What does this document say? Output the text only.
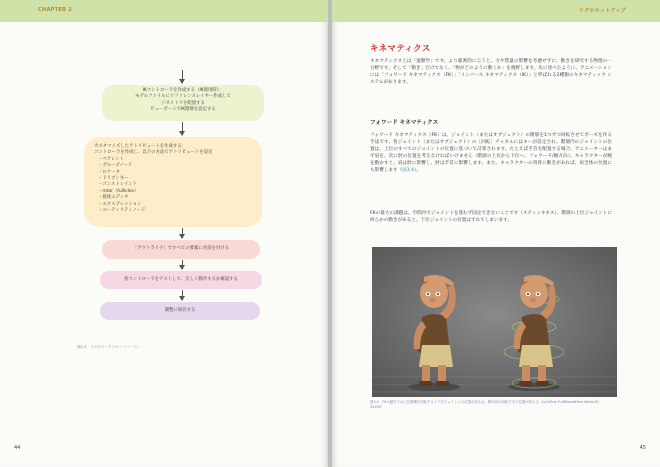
CHAPTER 2
IKコントローラを作成する（IK使用時）：
モデルファイルにリファレンスレイヤー作成して
ジオメトリを配置する
ビューポートでIK階層を設定する
カスタマイズしたアトリビュートを作成する：
コントローラを作成し、以下の方法でアトリビュートを設定
・ペアレント
・グループノード
・ロケータ
・ドリブンキー
・コンストレイント
・mtar（fullicles）
・接続エディタ
・エクスプレッション
・ユーティリティノード
［アウトライナ］ですべての要素に名前を付ける
各コントローラをテストして、正しく動作するか確認する
調整に保存する
図2.3　リグのワークフロー（ハード）
44
リグのセットアップ
45
キネマティクス
キネマティクスとは「運動学」です。より厳密的に言うと、力や質量の影響を考慮せずに、動きを研究する物理の一分野です。そして「動き」だけでなく、「物がどのように動くか」を視野します。先に述べたように、アニメーションには「フォワード キネマティクス（FK）」「インバース キネマティクス（IK）」と呼ばれる2種類のキネマティック システムがあります。
フォワード キネマティクス
フォワード キネマティクス（FK）は、ジョイント（またはオブジェクト）の階層を1つずつ回転させてポーズを作る手法です。各ジョイント（またはオブジェクト）の［回転］チャネルにはキーが設定され、階層内のジョイントの位置は、上位のすべてのジョイントの位置に基づいて計算されます。たとえば手首を配置する場合、アニメーターはまず肩を、次に肘の位置を考えなければいけません（階層の上位から下位へ、フォワード/順方向）。キャラクターが腕を動かすと、肩は肘に影響し、肘は手首に影響します。また、キャラクターの背骨に動きがあれば、肩全体の位置にも影響します（図3.4）。
FKの最大の課題は、空間内でジョイントを迷わず固定できないことです（スティッキネス）。階層の上位ジョイントに何らかの動きがあると、下位ジョイントの位置はずれてしまいます。
図3.4　FKの動作では上位階層を回転すると下位ジョイントの位置が変わる。腕や肩の回転で手の位置が変わる（Iu/mFine FullBfacedFace Vector用）2016年
